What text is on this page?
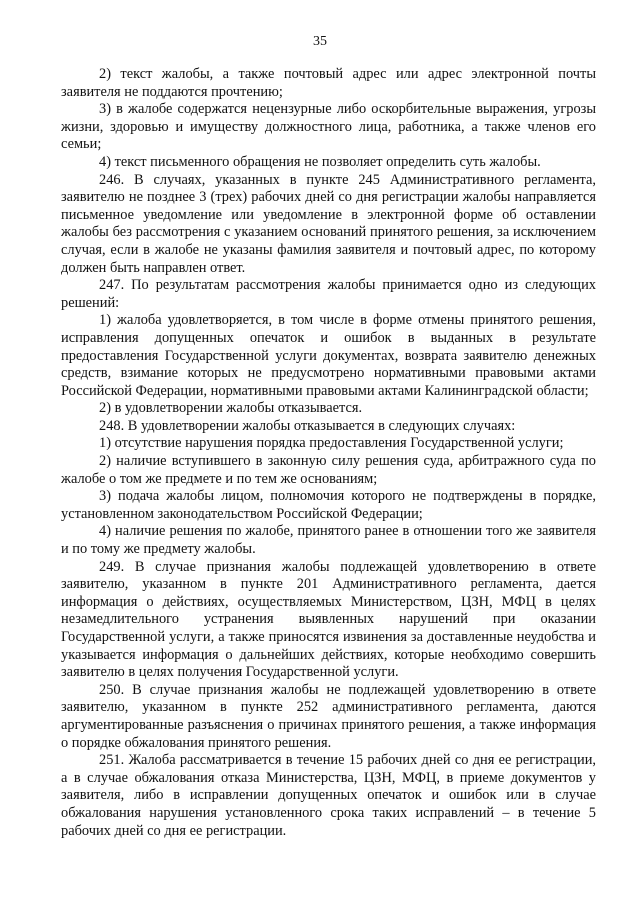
35

2) текст жалобы, а также почтовый адрес или адрес электронной почты заявителя не поддаются прочтению;

3) в жалобе содержатся нецензурные либо оскорбительные выражения, угрозы жизни, здоровью и имуществу должностного лица, работника, а также членов его семьи;

4) текст письменного обращения не позволяет определить суть жалобы.

246. В случаях, указанных в пункте 245 Административного регламента, заявителю не позднее 3 (трех) рабочих дней со дня регистрации жалобы направляется письменное уведомление или уведомление в электронной форме об оставлении жалобы без рассмотрения с указанием оснований принятого решения, за исключением случая, если в жалобе не указаны фамилия заявителя и почтовый адрес, по которому должен быть направлен ответ.

247. По результатам рассмотрения жалобы принимается одно из следующих решений:

1) жалоба удовлетворяется, в том числе в форме отмены принятого решения, исправления допущенных опечаток и ошибок в выданных в результате предоставления Государственной услуги документах, возврата заявителю денежных средств, взимание которых не предусмотрено нормативными правовыми актами Российской Федерации, нормативными правовыми актами Калининградской области;

2) в удовлетворении жалобы отказывается.

248. В удовлетворении жалобы отказывается в следующих случаях:

1) отсутствие нарушения порядка предоставления Государственной услуги;

2) наличие вступившего в законную силу решения суда, арбитражного суда по жалобе о том же предмете и по тем же основаниям;

3) подача жалобы лицом, полномочия которого не подтверждены в порядке, установленном законодательством Российской Федерации;

4) наличие решения по жалобе, принятого ранее в отношении того же заявителя и по тому же предмету жалобы.

249. В случае признания жалобы подлежащей удовлетворению в ответе заявителю, указанном в пункте 201 Административного регламента, дается информация о действиях, осуществляемых Министерством, ЦЗН, МФЦ в целях незамедлительного устранения выявленных нарушений при оказании Государственной услуги, а также приносятся извинения за доставленные неудобства и указывается информация о дальнейших действиях, которые необходимо совершить заявителю в целях получения Государственной услуги.

250. В случае признания жалобы не подлежащей удовлетворению в ответе заявителю, указанном в пункте 252 административного регламента, даются аргументированные разъяснения о причинах принятого решения, а также информация о порядке обжалования принятого решения.

251. Жалоба рассматривается в течение 15 рабочих дней со дня ее регистрации, а в случае обжалования отказа Министерства, ЦЗН, МФЦ, в приеме документов у заявителя, либо в исправлении допущенных опечаток и ошибок или в случае обжалования нарушения установленного срока таких исправлений – в течение 5 рабочих дней со дня ее регистрации.
